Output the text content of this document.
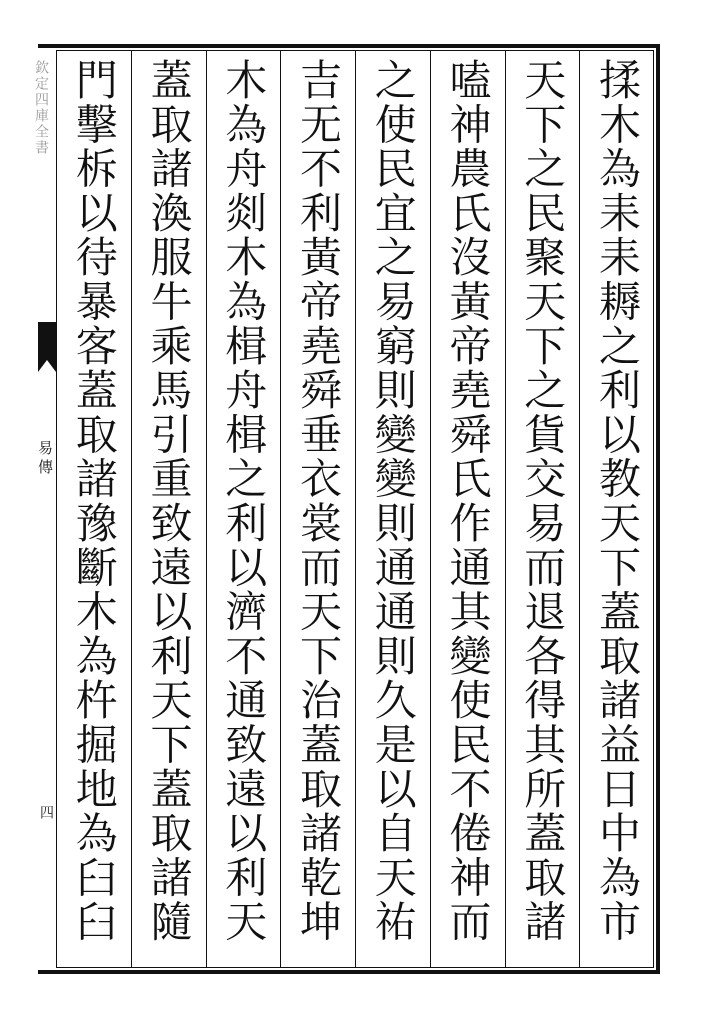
欽定四庫全書
易傳
四
揉木為耒耒耨之利以教天下蓋取諸益日中為市
天下之民聚天下之貨交易而退各得其所蓋取諸
嗑神農氏沒黃帝堯舜氏作通其變使民不倦神而
之使民宜之易窮則變變則通通則久是以自天祐
吉无不利黃帝堯舜垂衣裳而天下治蓋取諸乾坤
木為舟剡木為楫舟楫之利以濟不通致遠以利天
蓋取諸渙服牛乘馬引重致遠以利天下蓋取諸隨
門擊柝以待暴客蓋取諸豫斷木為杵掘地為臼臼
